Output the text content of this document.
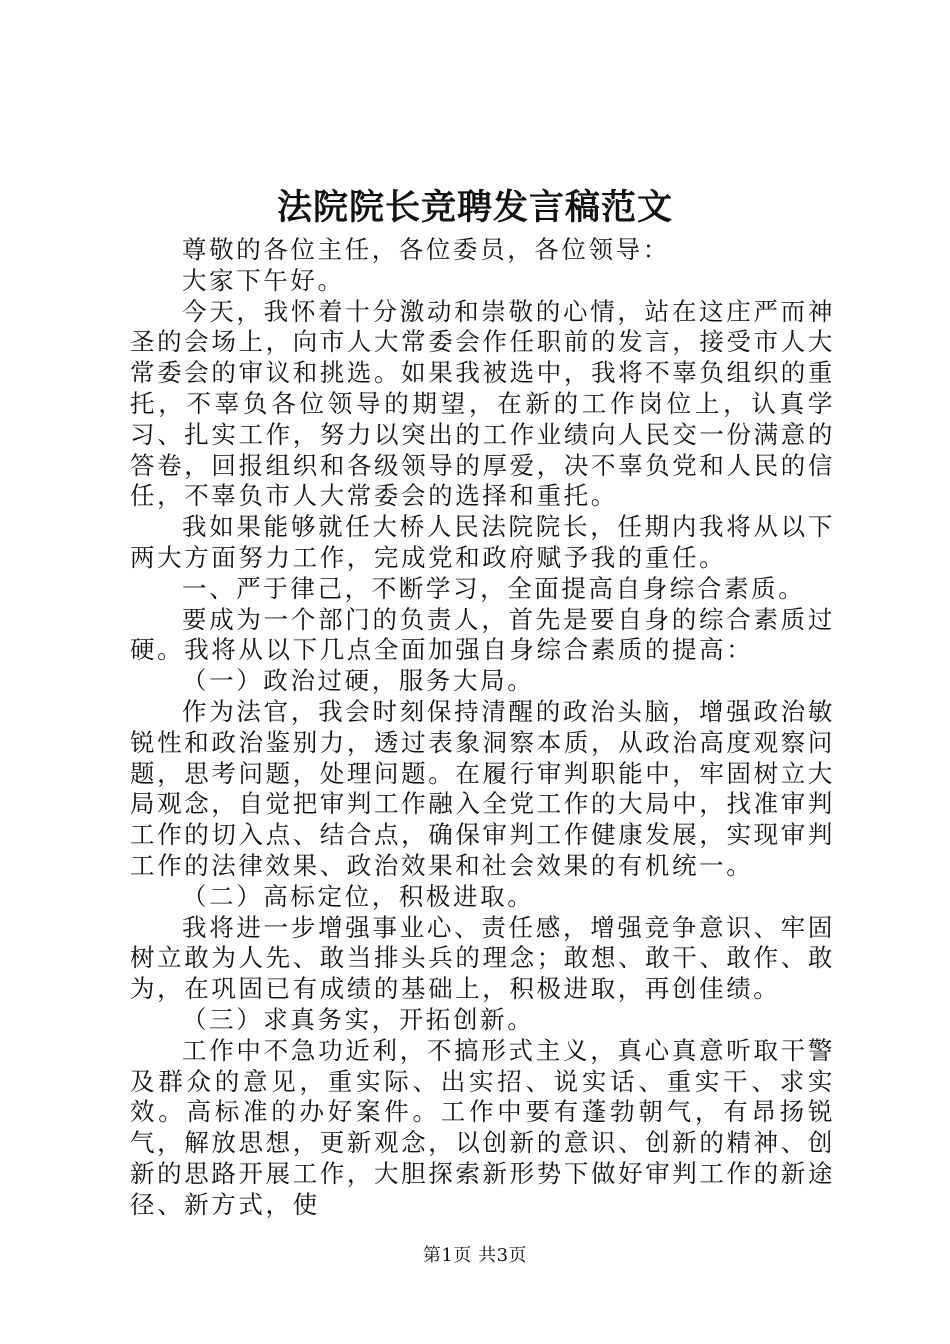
法院院长竞聘发言稿范文

尊敬的各位主任，各位委员，各位领导：

大家下午好。

今天，我怀着十分激动和崇敬的心情，站在这庄严而神圣的会场上，向市人大常委会作任职前的发言，接受市人大常委会的审议和挑选。如果我被选中，我将不辜负组织的重托，不辜负各位领导的期望，在新的工作岗位上，认真学习、扎实工作，努力以突出的工作业绩向人民交一份满意的答卷，回报组织和各级领导的厚爱，决不辜负党和人民的信任，不辜负市人大常委会的选择和重托。

我如果能够就任大桥人民法院院长，任期内我将从以下两大方面努力工作，完成党和政府赋予我的重任。

一、严于律己，不断学习，全面提高自身综合素质。

要成为一个部门的负责人，首先是要自身的综合素质过硬。我将从以下几点全面加强自身综合素质的提高：

（一）政治过硬，服务大局。

作为法官，我会时刻保持清醒的政治头脑，增强政治敏锐性和政治鉴别力，透过表象洞察本质，从政治高度观察问题，思考问题，处理问题。在履行审判职能中，牢固树立大局观念，自觉把审判工作融入全党工作的大局中，找准审判工作的切入点、结合点，确保审判工作健康发展，实现审判工作的法律效果、政治效果和社会效果的有机统一。

（二）高标定位，积极进取。

我将进一步增强事业心、责任感，增强竞争意识、牢固树立敢为人先、敢当排头兵的理念；敢想、敢干、敢作、敢为，在巩固已有成绩的基础上，积极进取，再创佳绩。

（三）求真务实，开拓创新。

工作中不急功近利，不搞形式主义，真心真意听取干警及群众的意见，重实际、出实招、说实话、重实干、求实效。高标准的办好案件。工作中要有蓬勃朝气，有昂扬锐气，解放思想，更新观念，以创新的意识、创新的精神、创新的思路开展工作，大胆探索新形势下做好审判工作的新途径、新方式，使

第1页 共3页
